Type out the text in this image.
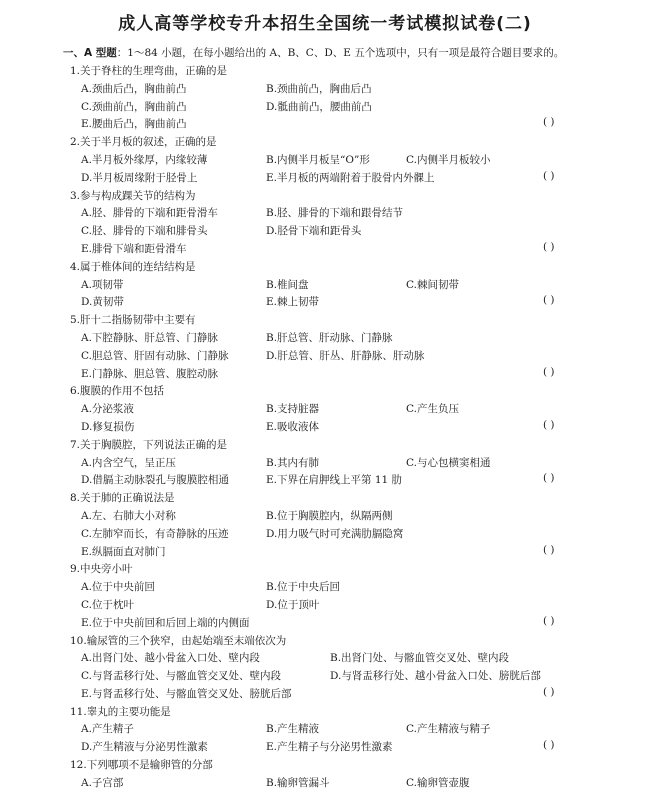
成人高等学校专升本招生全国统一考试模拟试卷(二)
一、A 型题：1～84 小题，在每小题给出的 A、B、C、D、E 五个选项中，只有一项是最符合题目要求的。
1.关于脊柱的生理弯曲，正确的是
A.颈曲后凸，胸曲前凸	B.颈曲前凸，胸曲后凸
C.颈曲前凸，胸曲前凸	D.骶曲前凸，腰曲前凸
E.腰曲后凸，胸曲前凸	( )
2.关于半月板的叙述，正确的是
A.半月板外缘厚，内缘较薄	B.内侧半月板呈“O”形	C.内侧半月板较小
D.半月板周缘附于胫骨上	E.半月板的两端附着于股骨内外髁上	( )
3.参与构成踝关节的结构为
A.胫、腓骨的下端和距骨滑车	B.胫、腓骨的下端和跟骨结节
C.胫、腓骨的下端和腓骨头	D.胫骨下端和距骨头
E.腓骨下端和距骨滑车	( )
4.属于椎体间的连结结构是
A.项韧带	B.椎间盘	C.棘间韧带
D.黄韧带	E.棘上韧带	( )
5.肝十二指肠韧带中主要有
A.下腔静脉、肝总管、门静脉	B.肝总管、肝动脉、门静脉
C.胆总管、肝固有动脉、门静脉	D.肝总管、肝丛、肝静脉、肝动脉
E.门静脉、胆总管、腹腔动脉	( )
6.腹膜的作用不包括
A.分泌浆液	B.支持脏器	C.产生负压
D.修复损伤	E.吸收液体	( )
7.关于胸膜腔，下列说法正确的是
A.内含空气，呈正压	B.其内有肺	C.与心包横窦相通
D.借膈主动脉裂孔与腹膜腔相通	E.下界在肩胛线上平第 11 肋	( )
8.关于肺的正确说法是
A.左、右肺大小对称	B.位于胸膜腔内，纵隔两侧
C.左肺窄而长，有奇静脉的压迹	D.用力吸气时可充满肋膈隐窝
E.纵膈面直对肺门	( )
9.中央旁小叶
A.位于中央前回	B.位于中央后回
C.位于枕叶	D.位于顶叶
E.位于中央前回和后回上端的内侧面	( )
10.输尿管的三个狭窄，由起始端至末端依次为
A.出肾门处、越小骨盆入口处、壁内段	B.出肾门处、与髂血管交叉处、壁内段
C.与肾盂移行处、与髂血管交叉处、壁内段	D.与肾盂移行处、越小骨盆入口处、膀胱后部
E.与肾盂移行处、与髂血管交叉处、膀胱后部	( )
11.睾丸的主要功能是
A.产生精子	B.产生精液	C.产生精液与精子
D.产生精液与分泌男性激素	E.产生精子与分泌男性激素	( )
12.下列哪项不是输卵管的分部
A.子宫部	B.输卵管漏斗	C.输卵管壶腹
